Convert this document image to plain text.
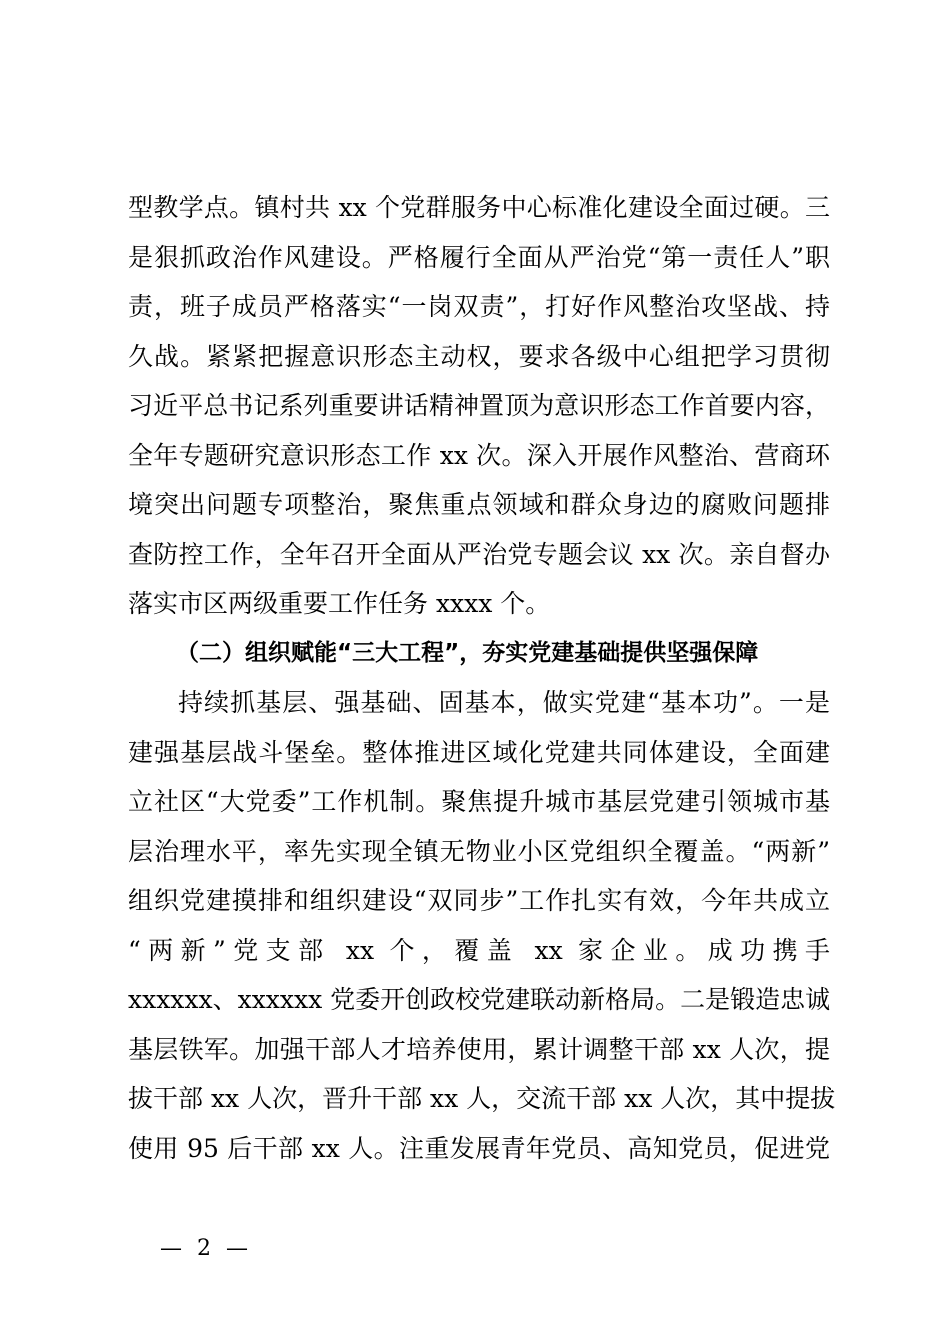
型教学点。镇村共 xx 个党群服务中心标准化建设全面过硬。三
是狠抓政治作风建设。严格履行全面从严治党“第一责任人”职
责，班子成员严格落实“一岗双责”，打好作风整治攻坚战、持
久战。紧紧把握意识形态主动权，要求各级中心组把学习贯彻
习近平总书记系列重要讲话精神置顶为意识形态工作首要内容，
全年专题研究意识形态工作 xx 次。深入开展作风整治、营商环
境突出问题专项整治，聚焦重点领域和群众身边的腐败问题排
查防控工作，全年召开全面从严治党专题会议 xx 次。亲自督办
落实市区两级重要工作任务 xxxx 个。
（二）组织赋能“三大工程”，夯实党建基础提供坚强保障
持续抓基层、强基础、固基本，做实党建“基本功”。一是
建强基层战斗堡垒。整体推进区域化党建共同体建设，全面建
立社区“大党委”工作机制。聚焦提升城市基层党建引领城市基
层治理水平，率先实现全镇无物业小区党组织全覆盖。“两新”
组织党建摸排和组织建设“双同步”工作扎实有效，今年共成立
“两新”党支部 xx 个，覆盖 xx 家企业。成功携手
xxxxxx、xxxxxx 党委开创政校党建联动新格局。二是锻造忠诚
基层铁军。加强干部人才培养使用，累计调整干部 xx 人次，提
拔干部 xx 人次，晋升干部 xx 人，交流干部 xx 人次，其中提拔
使用 95 后干部 xx 人。注重发展青年党员、高知党员，促进党
— 2 —
